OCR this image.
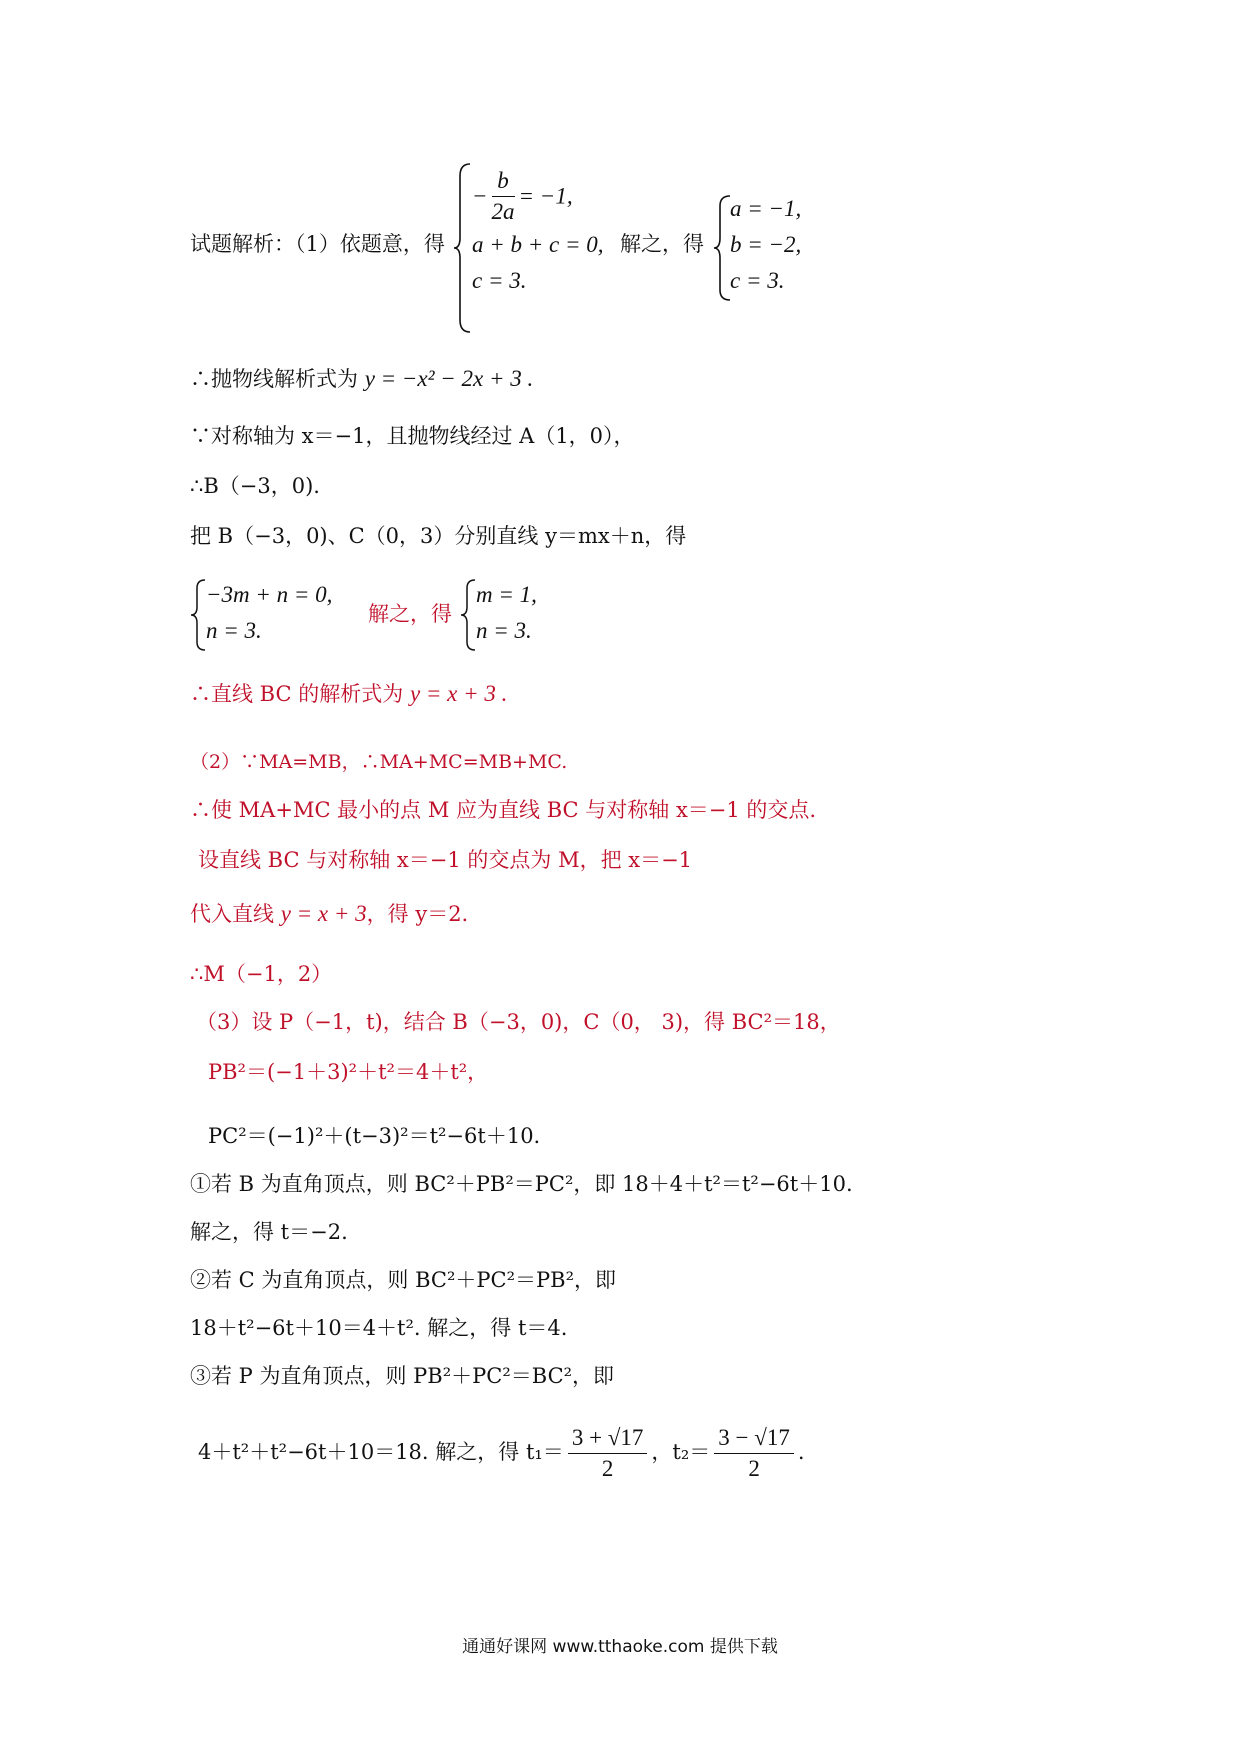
试题解析：（1）依题意，得
− $\frac{b}{2a} = -1$,
a + b + c = 0,
c = 3.
解之，得
a = −1,
b = −2,
c = 3.
∴抛物线解析式为 y = −x² − 2x + 3 .
∵对称轴为 x＝−1，且抛物线经过 A（1，0），
∴B（−3，0).
把 B（−3，0)、C（0，3）分别直线 y＝mx＋n，得
−3m + n = 0,
n = 3.
解之，得
m = 1,
n = 3.
∴直线 BC 的解析式为 y = x + 3 .
（2）∵MA=MB，∴MA+MC=MB+MC.
∴使 MA+MC 最小的点 M 应为直线 BC 与对称轴 x＝−1 的交点.
设直线 BC 与对称轴 x＝−1 的交点为 M，把 x＝−1
代入直线 y = x + 3，得 y＝2.
∴M（−1，2）
（3）设 P（−1，t)，结合 B（−3，0)，C（0， 3)，得 BC²＝18，
PB²＝(−1＋3)²＋t²＝4＋t²，
PC²＝(−1)²＋(t−3)²＝t²−6t＋10.
①若 B 为直角顶点，则 BC²＋PB²＝PC²，即 18＋4＋t²＝t²−6t＋10.
解之，得 t＝−2.
②若 C 为直角顶点，则 BC²＋PC²＝PB²，即
18＋t²−6t＋10＝4＋t². 解之，得 t＝4.
③若 P 为直角顶点，则 PB²＋PC²＝BC²，即
4＋t²＋t²−6t＋10＝18. 解之，得 $t_1= \frac{3 + √17}{2}$ ，$t_2= \frac{3 - √17}{2}$ .
通通好课网 www.tthaoke.com 提供下载
